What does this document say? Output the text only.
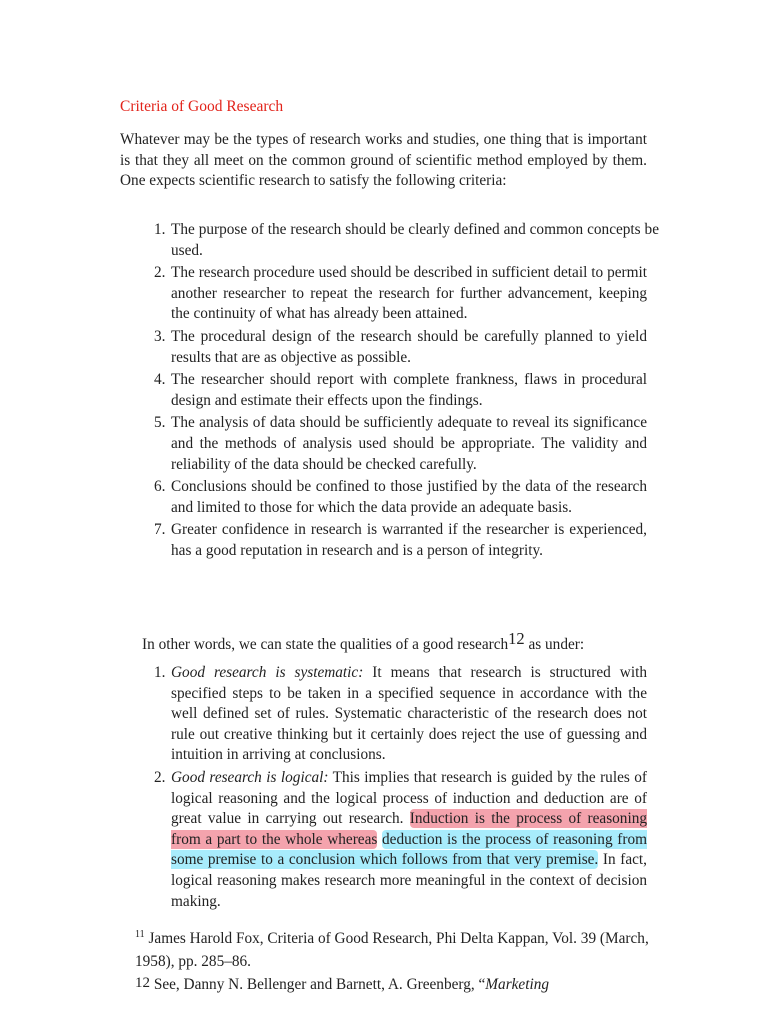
Criteria of Good Research

Whatever may be the types of research works and studies, one thing that is important is that they all meet on the common ground of scientific method employed by them. One expects scientific research to satisfy the following criteria:

1. The purpose of the research should be clearly defined and common concepts be used.
2. The research procedure used should be described in sufficient detail to permit another researcher to repeat the research for further advancement, keeping the continuity of what has already been attained.
3. The procedural design of the research should be carefully planned to yield results that are as objective as possible.
4. The researcher should report with complete frankness, flaws in procedural design and estimate their effects upon the findings.
5. The analysis of data should be sufficiently adequate to reveal its significance and the methods of analysis used should be appropriate. The validity and reliability of the data should be checked carefully.
6. Conclusions should be confined to those justified by the data of the research and limited to those for which the data provide an adequate basis.
7. Greater confidence in research is warranted if the researcher is experienced, has a good reputation in research and is a person of integrity.

In other words, we can state the qualities of a good research12 as under:

1. Good research is systematic: It means that research is structured with specified steps to be taken in a specified sequence in accordance with the well defined set of rules. Systematic characteristic of the research does not rule out creative thinking but it certainly does reject the use of guessing and intuition in arriving at conclusions.
2. Good research is logical: This implies that research is guided by the rules of logical reasoning and the logical process of induction and deduction are of great value in carrying out research. Induction is the process of reasoning from a part to the whole whereas deduction is the process of reasoning from some premise to a conclusion which follows from that very premise. In fact, logical reasoning makes research more meaningful in the context of decision making.

$^{11}$ James Harold Fox, Criteria of Good Research, Phi Delta Kappan, Vol. 39 (March, 1958), pp. 285–86.

12 See, Danny N. Bellenger and Barnett, A. Greenberg, “Marketing
